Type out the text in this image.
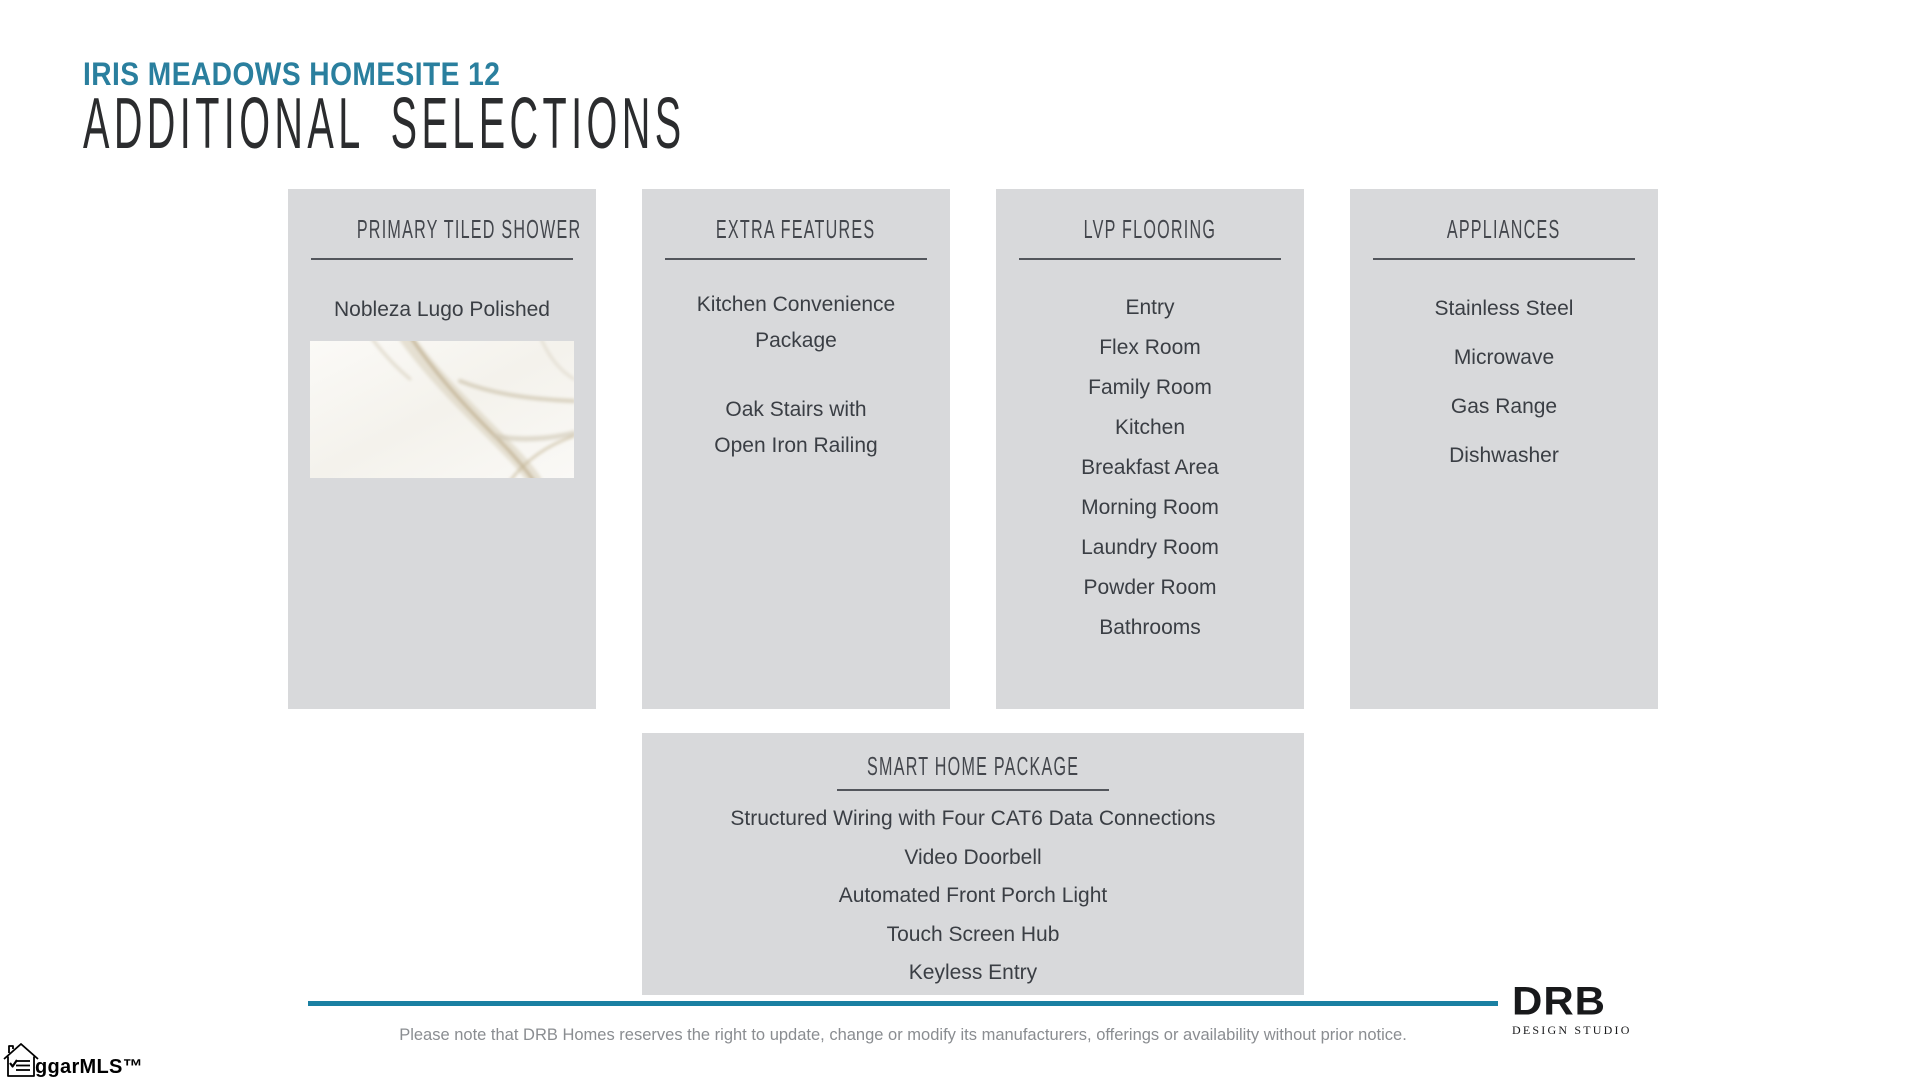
IRIS MEADOWS HOMESITE 12
ADDITIONAL SELECTIONS
PRIMARY TILED SHOWER
Nobleza Lugo Polished
EXTRA FEATURES
Kitchen Convenience
Package
Oak Stairs with
Open Iron Railing
LVP FLOORING
Entry
Flex Room
Family Room
Kitchen
Breakfast Area
Morning Room
Laundry Room
Powder Room
Bathrooms
APPLIANCES
Stainless Steel
Microwave
Gas Range
Dishwasher
SMART HOME PACKAGE
Structured Wiring with Four CAT6 Data Connections
Video Doorbell
Automated Front Porch Light
Touch Screen Hub
Keyless Entry

Please note that DRB Homes reserves the right to update, change or modify its manufacturers, offerings or availability without prior notice.

DRB
DESIGN STUDIO
ggarMLS™
